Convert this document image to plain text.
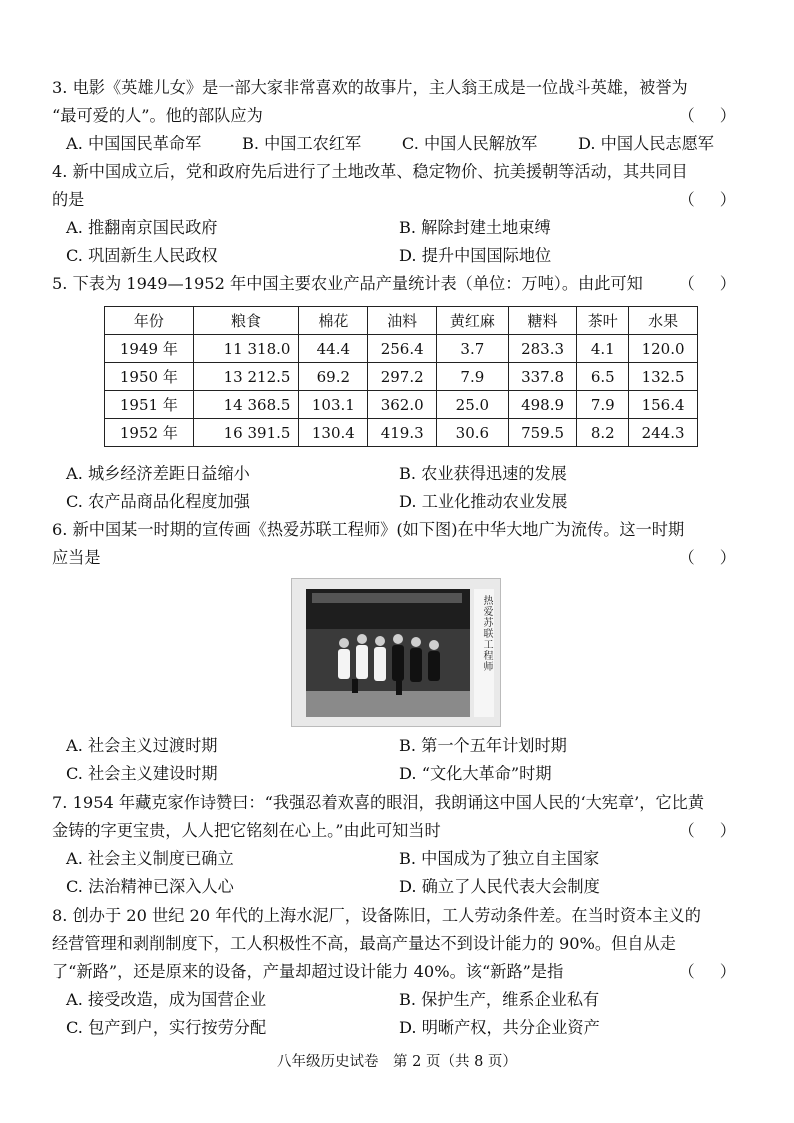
3. 电影《英雄儿女》是一部大家非常喜欢的故事片，主人翁王成是一位战斗英雄，被誉为
“最可爱的人”。他的部队应为	（ ）
A. 中国国民革命军	B. 中国工农红军	C. 中国人民解放军	D. 中国人民志愿军
4. 新中国成立后，党和政府先后进行了土地改革、稳定物价、抗美援朝等活动，其共同目
的是	（ ）
A. 推翻南京国民政府	B. 解除封建土地束缚
C. 巩固新生人民政权	D. 提升中国国际地位
5. 下表为 1949—1952 年中国主要农业产品产量统计表（单位：万吨）。由此可知 （ ）
年份	粮食	棉花	油料	黄红麻	糖料	茶叶	水果
1949 年	11 318.0	44.4	256.4	3.7	283.3	4.1	120.0
1950 年	13 212.5	69.2	297.2	7.9	337.8	6.5	132.5
1951 年	14 368.5	103.1	362.0	25.0	498.9	7.9	156.4
1952 年	16 391.5	130.4	419.3	30.6	759.5	8.2	244.3
A. 城乡经济差距日益缩小	B. 农业获得迅速的发展
C. 农产品商品化程度加强	D. 工业化推动农业发展
6. 新中国某一时期的宣传画《热爱苏联工程师》(如下图)在中华大地广为流传。这一时期
应当是	（ ）
热爱苏联工程师
A. 社会主义过渡时期	B. 第一个五年计划时期
C. 社会主义建设时期	D. “文化大革命”时期
7. 1954 年藏克家作诗赞曰：“我强忍着欢喜的眼泪，我朗诵这中国人民的‘大宪章’，它比黄
金铸的字更宝贵，人人把它铭刻在心上。”由此可知当时	（ ）
A. 社会主义制度已确立	B. 中国成为了独立自主国家
C. 法治精神已深入人心	D. 确立了人民代表大会制度
8. 创办于 20 世纪 20 年代的上海水泥厂，设备陈旧，工人劳动条件差。在当时资本主义的
经营管理和剥削制度下，工人积极性不高，最高产量达不到设计能力的 90%。但自从走
了“新路”，还是原来的设备，产量却超过设计能力 40%。该“新路”是指	（ ）
A. 接受改造，成为国营企业	B. 保护生产，维系企业私有
C. 包产到户，实行按劳分配	D. 明晰产权，共分企业资产
八年级历史试卷　第 2 页（共 8 页）
